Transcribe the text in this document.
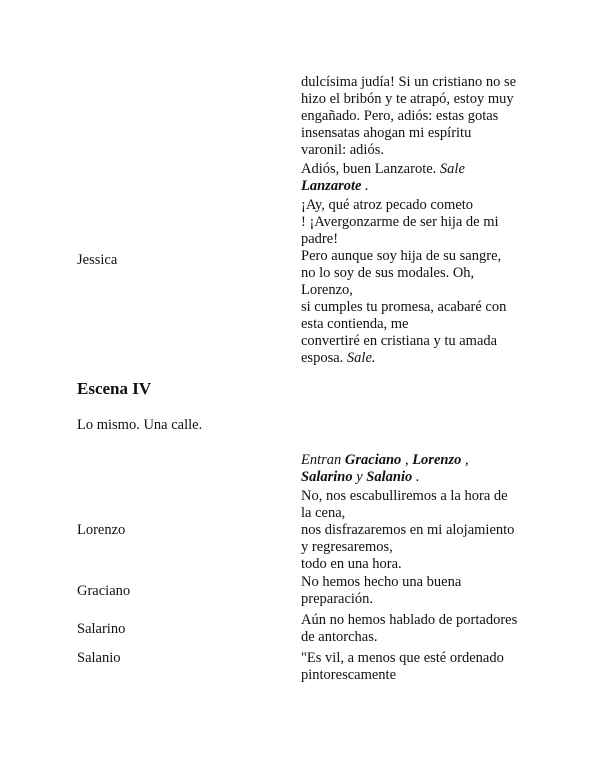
Jessica
dulcísima judía! Si un cristiano no se
hizo el bribón y te atrapó, estoy muy
engañado. Pero, adiós: estas gotas
insensatas ahogan mi espíritu
varonil: adiós.
Adiós, buen Lanzarote. Sale
Lanzarote .
¡Ay, qué atroz pecado cometo
! ¡Avergonzarme de ser hija de mi
padre!
Pero aunque soy hija de su sangre,
no lo soy de sus modales. Oh,
Lorenzo,
si cumples tu promesa, acabaré con
esta contienda, me
convertiré en cristiana y tu amada
esposa. Sale.
Escena IV
Lo mismo. Una calle.
Entran Graciano , Lorenzo ,
Salarino y Salanio .
Lorenzo
No, nos escabulliremos a la hora de
la cena,
nos disfrazaremos en mi alojamiento
y regresaremos,
todo en una hora.
Graciano
No hemos hecho una buena
preparación.
Salarino
Aún no hemos hablado de portadores
de antorchas.
Salanio	"Es vil, a menos que esté ordenado
pintorescamente
